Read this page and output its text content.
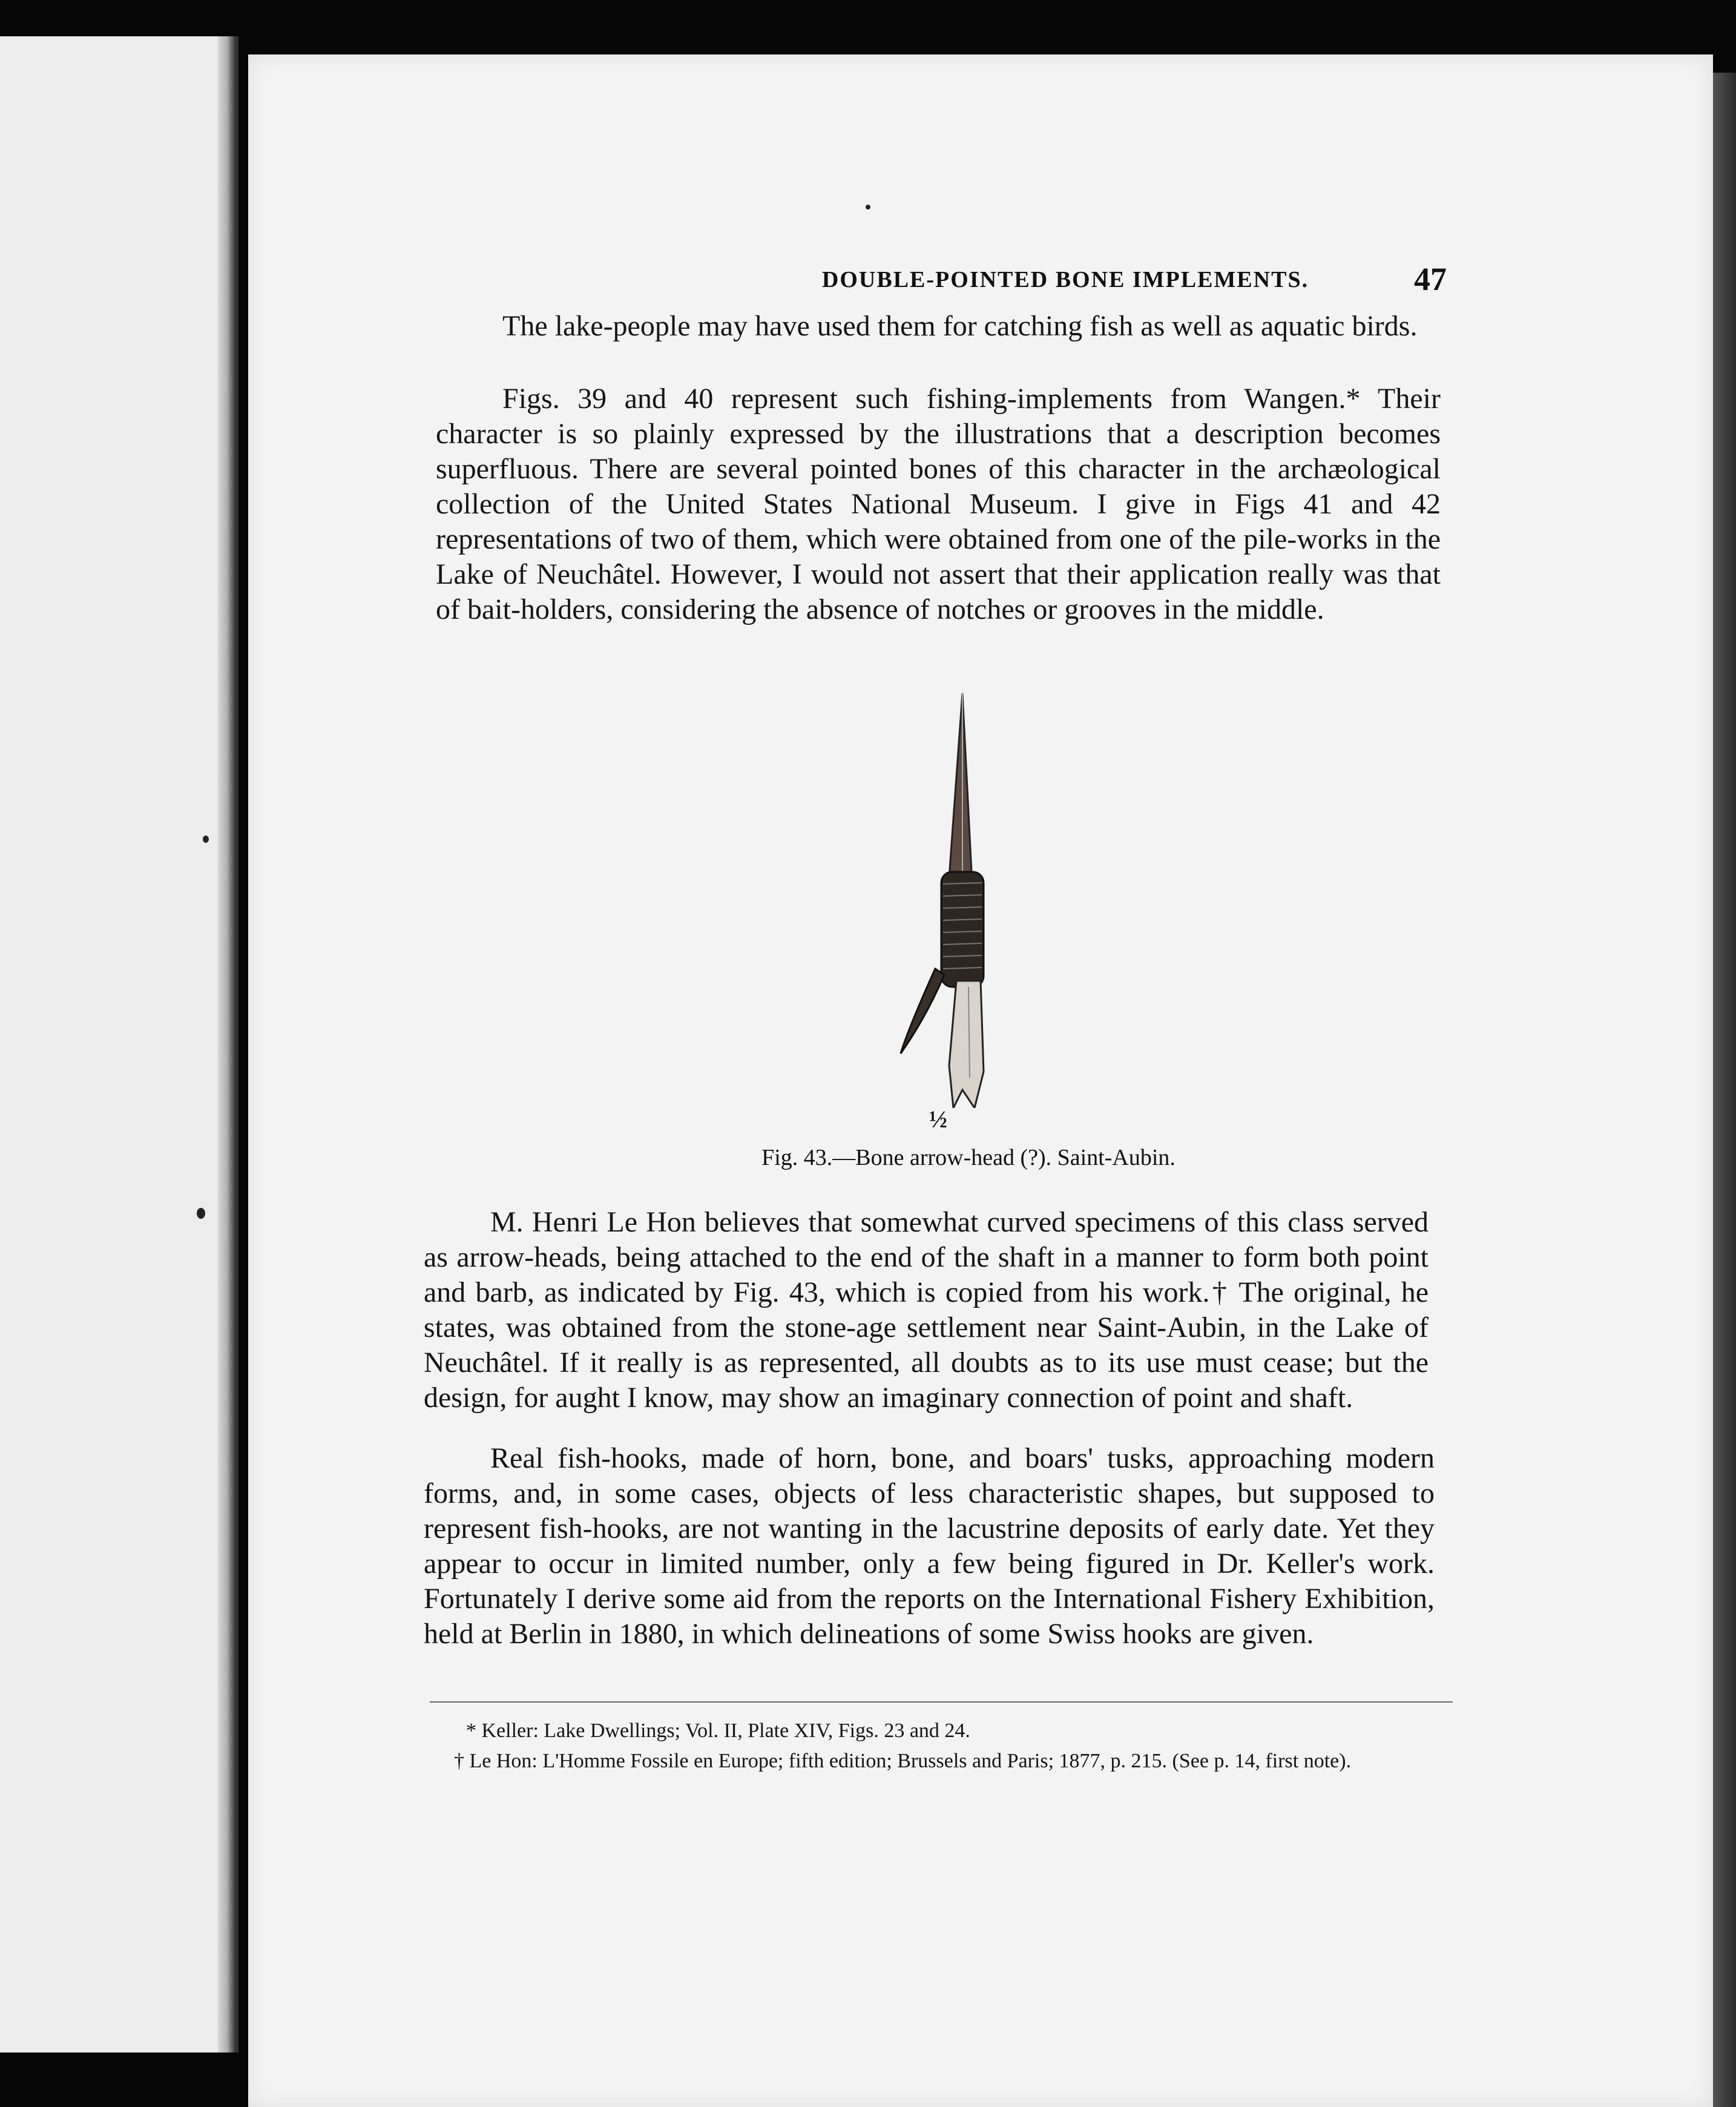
DOUBLE-POINTED BONE IMPLEMENTS.	47

The lake-people may have used them for catching fish as well as aquatic birds.

Figs. 39 and 40 represent such fishing-implements from Wangen.* Their character is so plainly expressed by the illustrations that a description becomes superfluous. There are several pointed bones of this character in the archæological collection of the United States National Museum. I give in Figs 41 and 42 representations of two of them, which were obtained from one of the pile-works in the Lake of Neuchâtel. However, I would not assert that their application really was that of bait-holders, considering the absence of notches or grooves in the middle.

½
Fig. 43.—Bone arrow-head (?). Saint-Aubin.

M. Henri Le Hon believes that somewhat curved specimens of this class served as arrow-heads, being attached to the end of the shaft in a manner to form both point and barb, as indicated by Fig. 43, which is copied from his work.† The original, he states, was obtained from the stone-age settlement near Saint-Aubin, in the Lake of Neuchâtel. If it really is as represented, all doubts as to its use must cease; but the design, for aught I know, may show an imaginary connection of point and shaft.

Real fish-hooks, made of horn, bone, and boars' tusks, approaching modern forms, and, in some cases, objects of less characteristic shapes, but supposed to represent fish-hooks, are not wanting in the lacustrine deposits of early date. Yet they appear to occur in limited number, only a few being figured in Dr. Keller's work. Fortunately I derive some aid from the reports on the International Fishery Exhibition, held at Berlin in 1880, in which delineations of some Swiss hooks are given.

* Keller: Lake Dwellings; Vol. II, Plate XIV, Figs. 23 and 24.
† Le Hon: L'Homme Fossile en Europe; fifth edition; Brussels and Paris; 1877, p. 215. (See p. 14, first note).
